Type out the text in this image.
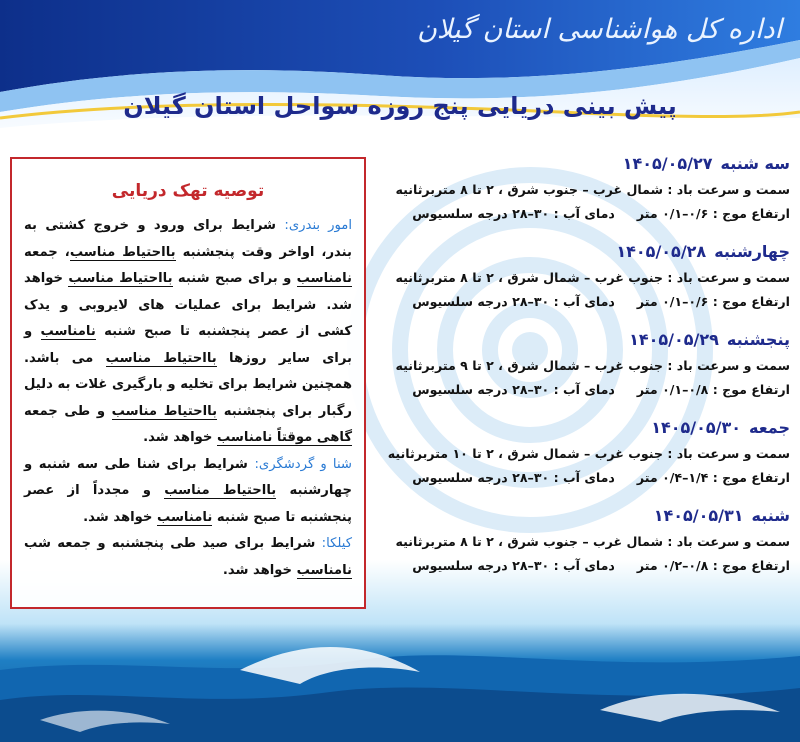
اداره کل هواشناسی استان گیلان
پیش بینی دریایی پنج روزه سواحل استان گیلان
توصیه تهک دریایی
امور بندری: شرایط برای ورود و خروج کشتی به بندر، اواخر وقت پنجشنبه بااحتیاط مناسب، جمعه نامناسب و برای صبح شنبه بااحتیاط مناسب خواهد شد. شرایط برای عملیات های لایروبی و یدک کشی از عصر پنجشنبه تا صبح شنبه نامناسب و برای سایر روزها بااحتیاط مناسب می باشد. همچنین شرایط برای تخلیه و بارگیری غلات به دلیل رگبار برای پنجشنبه بااحتیاط مناسب و طی جمعه گاهی موقتاً نامناسب خواهد شد.
شنا و گردشگری: شرایط برای شنا طی سه شنبه و چهارشنبه بااحتیاط مناسب و مجدداً از عصر پنجشنبه تا صبح شنبه نامناسب خواهد شد.
کیلکا: شرایط برای صید طی پنجشنبه و جمعه شب نامناسب خواهد شد.
سه شنبه۱۴۰۵/۰۵/۲۷
سمت و سرعت باد : شمال غرب – جنوب شرق ، ۲ تا ۸ متربرثانیه
ارتفاع موج : ۰/۶–۰/۱ متردمای آب : ۳۰–۲۸ درجه سلسیوس
چهارشنبه۱۴۰۵/۰۵/۲۸
سمت و سرعت باد : جنوب غرب – شمال شرق ، ۲ تا ۸ متربرثانیه
ارتفاع موج : ۰/۶–۰/۱ متردمای آب : ۳۰–۲۸ درجه سلسیوس
پنجشنبه۱۴۰۵/۰۵/۲۹
سمت و سرعت باد : جنوب غرب – شمال شرق ، ۲ تا ۹ متربرثانیه
ارتفاع موج : ۰/۸–۰/۱ متردمای آب : ۳۰–۲۸ درجه سلسیوس
جمعه۱۴۰۵/۰۵/۳۰
سمت و سرعت باد : جنوب غرب – شمال شرق ، ۲ تا ۱۰ متربرثانیه
ارتفاع موج : ۱/۴–۰/۴ متردمای آب : ۳۰–۲۸ درجه سلسیوس
شنبه۱۴۰۵/۰۵/۳۱
سمت و سرعت باد : شمال غرب – جنوب شرق ، ۲ تا ۸ متربرثانیه
ارتفاع موج : ۰/۸–۰/۲ متردمای آب : ۳۰–۲۸ درجه سلسیوس
